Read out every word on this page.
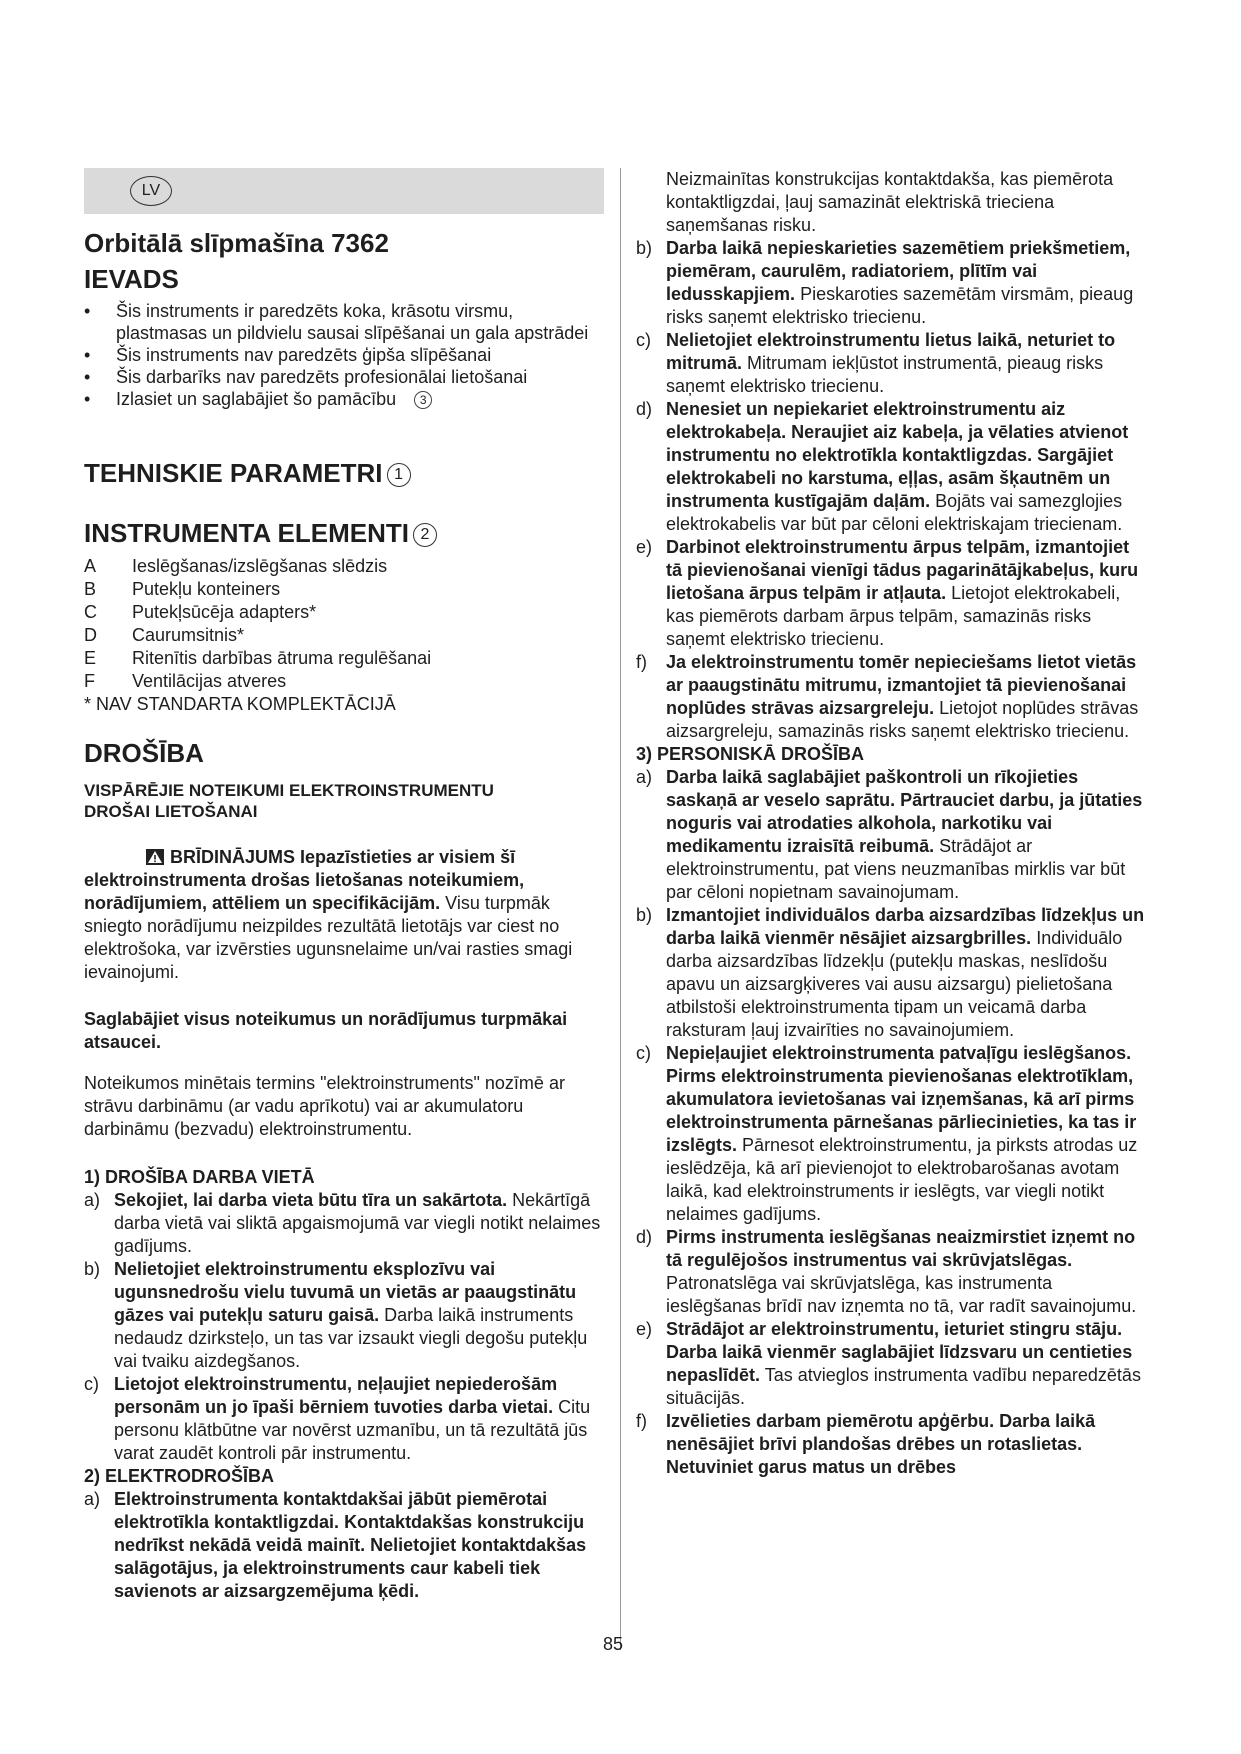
LV
Orbitālā slīpmašīna 7362
IEVADS
• Šis instruments ir paredzēts koka, krāsotu virsmu, plastmasas un pildvielu sausai slīpēšanai un gala apstrādei
• Šis instruments nav paredzēts ģipša slīpēšanai
• Šis darbarīks nav paredzēts profesionālai lietošanai
• Izlasiet un saglabājiet šo pamācību 3
TEHNISKIE PARAMETRI 1
INSTRUMENTA ELEMENTI 2
A	Ieslēgšanas/izslēgšanas slēdzis
B	Putekļu konteiners
C	Putekļsūcēja adapters*
D	Caurumsitnis*
E	Ritenītis darbības ātruma regulēšanai
F	Ventilācijas atveres
* NAV STANDARTA KOMPLEKTĀCIJĀ
DROŠĪBA

VISPĀRĒJIE NOTEIKUMI ELEKTROINSTRUMENTU DROŠAI LIETOŠANAI

BRĪDINĀJUMS Iepazīstieties ar visiem šī elektroinstrumenta drošas lietošanas noteikumiem, norādījumiem, attēliem un specifikācijām. Visu turpmāk sniegto norādījumu neizpildes rezultātā lietotājs var ciest no elektrošoka, var izvērsties ugunsnelaime un/vai rasties smagi ievainojumi.

Saglabājiet visus noteikumus un norādījumus turpmākai atsaucei.

Noteikumos minētais termins "elektroinstruments" nozīmē ar strāvu darbināmu (ar vadu aprīkotu) vai ar akumulatoru darbināmu (bezvadu) elektroinstrumentu.

1) DROŠĪBA DARBA VIETĀ

a) Sekojiet, lai darba vieta būtu tīra un sakārtota. Nekārtīgā darba vietā vai sliktā apgaismojumā var viegli notikt nelaimes gadījums.
b) Nelietojiet elektroinstrumentu eksplozīvu vai ugunsnedrošu vielu tuvumā un vietās ar paaugstinātu gāzes vai putekļu saturu gaisā. Darba laikā instruments nedaudz dzirksteļo, un tas var izsaukt viegli degošu putekļu vai tvaiku aizdegšanos.
c) Lietojot elektroinstrumentu, neļaujiet nepiederošām personām un jo īpaši bērniem tuvoties darba vietai. Citu personu klātbūtne var novērst uzmanību, un tā rezultātā jūs varat zaudēt kontroli pār instrumentu.

2) ELEKTRODROŠĪBA

a) Elektroinstrumenta kontaktdakšai jābūt piemērotai elektrotīkla kontaktligzdai. Kontaktdakšas konstrukciju nedrīkst nekādā veidā mainīt. Nelietojiet kontaktdakšas salāgotājus, ja elektroinstruments caur kabeli tiek savienots ar aizsargzemējuma ķēdi.
Neizmainītas konstrukcijas kontaktdakša, kas piemērota kontaktligzdai, ļauj samazināt elektriskā trieciena saņemšanas risku.
b) Darba laikā nepieskarieties sazemētiem priekšmetiem, piemēram, caurulēm, radiatoriem, plītīm vai ledusskapjiem. Pieskaroties sazemētām virsmām, pieaug risks saņemt elektrisko triecienu.
c) Nelietojiet elektroinstrumentu lietus laikā, neturiet to mitrumā. Mitrumam iekļūstot instrumentā, pieaug risks saņemt elektrisko triecienu.
d) Nenesiet un nepiekariet elektroinstrumentu aiz elektrokabeļa. Neraujiet aiz kabeļa, ja vēlaties atvienot instrumentu no elektrotīkla kontaktligzdas. Sargājiet elektrokabeli no karstuma, eļļas, asām šķautnēm un instrumenta kustīgajām daļām. Bojāts vai samezglojies elektrokabelis var būt par cēloni elektriskajam triecienam.
e) Darbinot elektroinstrumentu ārpus telpām, izmantojiet tā pievienošanai vienīgi tādus pagarinātājkabeļus, kuru lietošana ārpus telpām ir atļauta. Lietojot elektrokabeli, kas piemērots darbam ārpus telpām, samazinās risks saņemt elektrisko triecienu.
f) Ja elektroinstrumentu tomēr nepieciešams lietot vietās ar paaugstinātu mitrumu, izmantojiet tā pievienošanai noplūdes strāvas aizsargreleju. Lietojot noplūdes strāvas aizsargreleju, samazinās risks saņemt elektrisko triecienu.

3) PERSONISKĀ DROŠĪBA

a) Darba laikā saglabājiet paškontroli un rīkojieties saskaņā ar veselo saprātu. Pārtrauciet darbu, ja jūtaties noguris vai atrodaties alkohola, narkotiku vai medikamentu izraisītā reibumā. Strādājot ar elektroinstrumentu, pat viens neuzmanības mirklis var būt par cēloni nopietnam savainojumam.
b) Izmantojiet individuālos darba aizsardzības līdzekļus un darba laikā vienmēr nēsājiet aizsargbrilles. Individuālo darba aizsardzības līdzekļu (putekļu maskas, neslīdošu apavu un aizsargķiveres vai ausu aizsargu) pielietošana atbilstoši elektroinstrumenta tipam un veicamā darba raksturam ļauj izvairīties no savainojumiem.
c) Nepieļaujiet elektroinstrumenta patvaļīgu ieslēgšanos. Pirms elektroinstrumenta pievienošanas elektrotīklam, akumulatora ievietošanas vai izņemšanas, kā arī pirms elektroinstrumenta pārnešanas pārliecinieties, ka tas ir izslēgts. Pārnesot elektroinstrumentu, ja pirksts atrodas uz ieslēdzēja, kā arī pievienojot to elektrobarošanas avotam laikā, kad elektroinstruments ir ieslēgts, var viegli notikt nelaimes gadījums.
d) Pirms instrumenta ieslēgšanas neaizmirstiet izņemt no tā regulējošos instrumentus vai skrūvjatslēgas. Patronatslēga vai skrūvjatslēga, kas instrumenta ieslēgšanas brīdī nav izņemta no tā, var radīt savainojumu.
e) Strādājot ar elektroinstrumentu, ieturiet stingru stāju. Darba laikā vienmēr saglabājiet līdzsvaru un centieties nepaslīdēt. Tas atvieglos instrumenta vadību neparedzētās situācijās.
f) Izvēlieties darbam piemērotu apģērbu. Darba laikā nenēsājiet brīvi plandošas drēbes un rotaslietas. Netuviniet garus matus un drēbes
85
